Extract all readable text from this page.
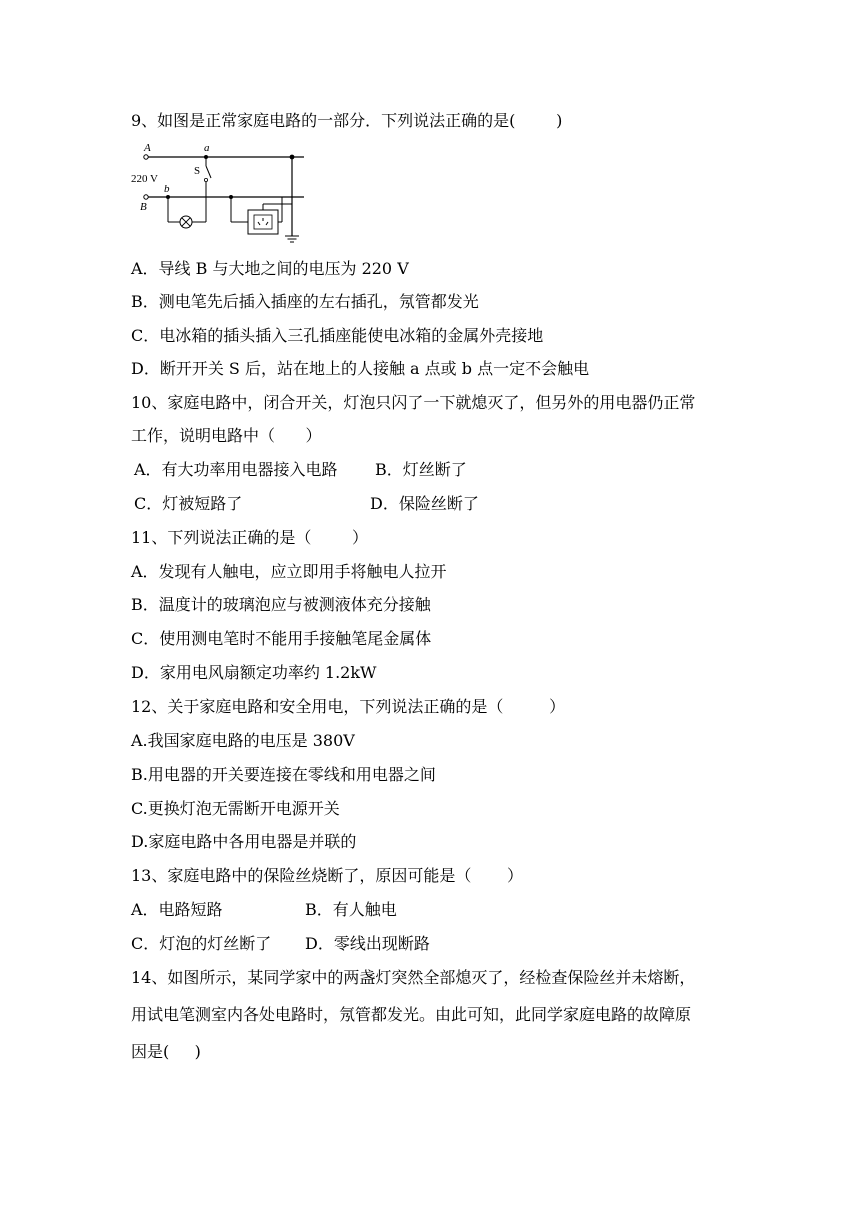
9、如图是正常家庭电路的一部分．下列说法正确的是(        )
A	a
220 V
S
b
B
A．导线 B 与大地之间的电压为 220 V
B．测电笔先后插入插座的左右插孔，氖管都发光
C．电冰箱的插头插入三孔插座能使电冰箱的金属外壳接地
D．断开开关 S 后，站在地上的人接触 a 点或 b 点一定不会触电
10、家庭电路中，闭合开关，灯泡只闪了一下就熄灭了，但另外的用电器仍正常
工作，说明电路中（      ）
A．有大功率用电器接入电路 B．灯丝断了
C．灯被短路了	D．保险丝断了
11、下列说法正确的是（        ）
A．发现有人触电，应立即用手将触电人拉开
B．温度计的玻璃泡应与被测液体充分接触
C．使用测电笔时不能用手接触笔尾金属体
D．家用电风扇额定功率约 1.2kW
12、关于家庭电路和安全用电，下列说法正确的是（         ）
A.我国家庭电路的电压是 380V
B.用电器的开关要连接在零线和用电器之间
C.更换灯泡无需断开电源开关
D.家庭电路中各用电器是并联的
13、家庭电路中的保险丝烧断了，原因可能是（       ）
A．电路短路	B．有人触电
C．灯泡的灯丝断了 D．零线出现断路
14、如图所示，某同学家中的两盏灯突然全部熄灭了，经检查保险丝并未熔断，
用试电笔测室内各处电路时，氖管都发光。由此可知，此同学家庭电路的故障原
因是(     )
